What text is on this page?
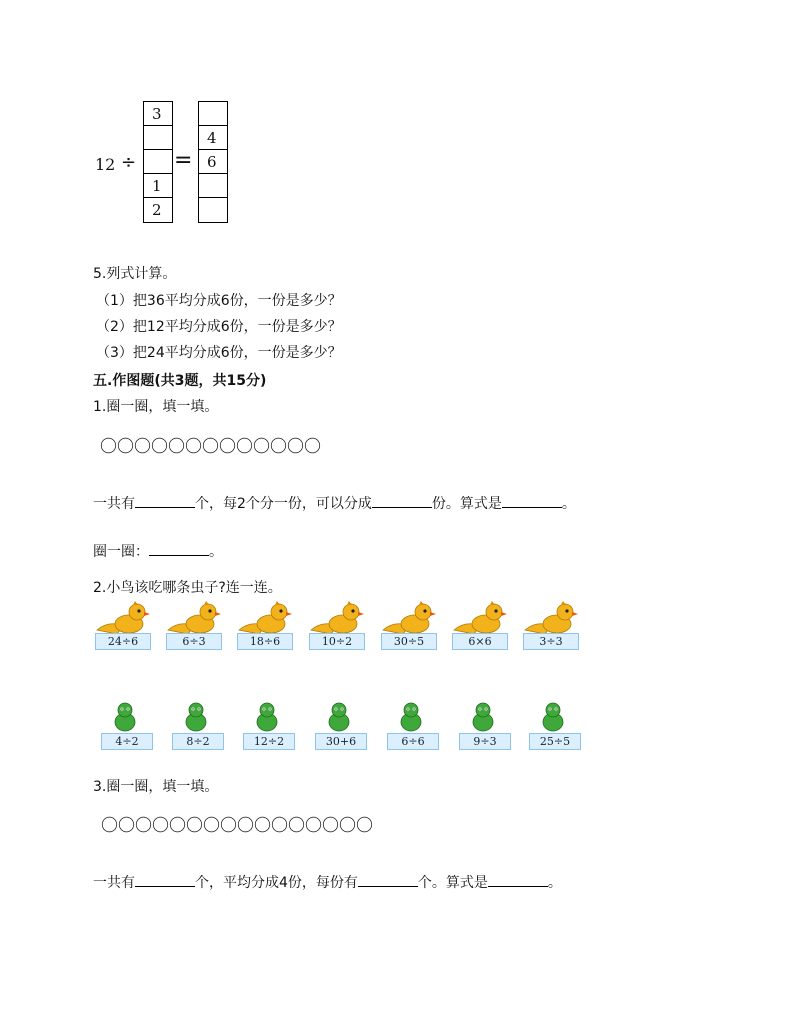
12 ÷
3
1
2
=
4
6
5.列式计算。
（1）把36平均分成6份，一份是多少？
（2）把12平均分成6份，一份是多少？
（3）把24平均分成6份，一份是多少？
五.作图题(共3题，共15分)
1.圈一圈，填一填。
〇〇〇〇〇〇〇〇〇〇〇〇〇
一共有	个，每2个分一份，可以分成	份。算式是	。
圈一圈：	。
2.小鸟该吃哪条虫子?连一连。
3.圈一圈，填一填。
〇〇〇〇〇〇〇〇〇〇〇〇〇〇〇〇
一共有	个，平均分成4份，每份有	个。算式是	。
24÷6	6÷3	18÷6	10÷2	30÷5	6×6	3÷3
4÷2	8÷2	12÷2	30+6	6÷6	9÷3	25÷5
